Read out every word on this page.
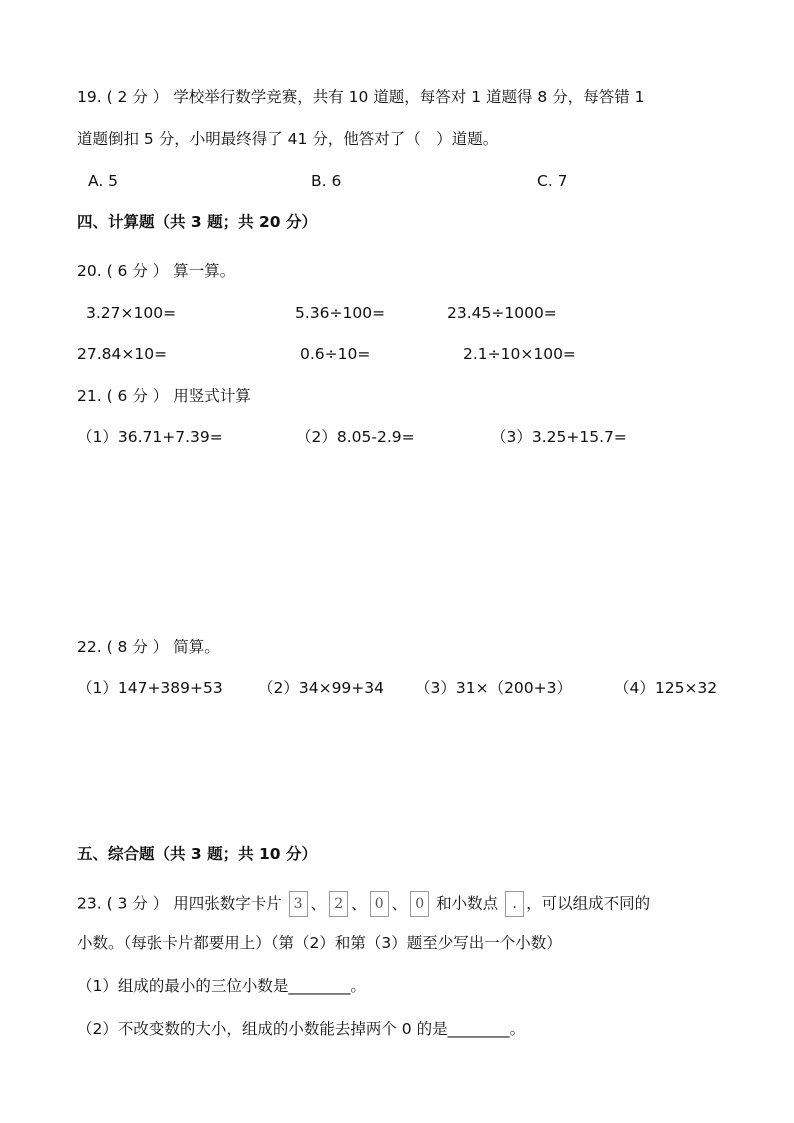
19. ( 2 分 ） 学校举行数学竞赛，共有 10 道题，每答对 1 道题得 8 分，每答错 1
道题倒扣 5 分，小明最终得了 41 分，他答对了（　）道题。
A. 5	B. 6	C. 7
四、计算题（共 3 题；共 20 分）
20. ( 6 分 ） 算一算。
3.27×100=	5.36÷100=	23.45÷1000=
27.84×10=	0.6÷10=	2.1÷10×100=
21. ( 6 分 ） 用竖式计算
（1）36.71+7.39=	（2）8.05-2.9=	（3）3.25+15.7=
22. ( 8 分 ） 简算。
（1）147+389+53 （2）34×99+34 （3）31×（200+3）	（4）125×32
五、综合题（共 3 题；共 10 分）
23. ( 3 分 ） 用四张数字卡片 3 、 2 、 0 、 0 和小数点 . ，可以组成不同的
小数。（每张卡片都要用上）（第（2）和第（3）题至少写出一个小数）
（1）组成的最小的三位小数是________。
（2）不改变数的大小，组成的小数能去掉两个 0 的是________。
